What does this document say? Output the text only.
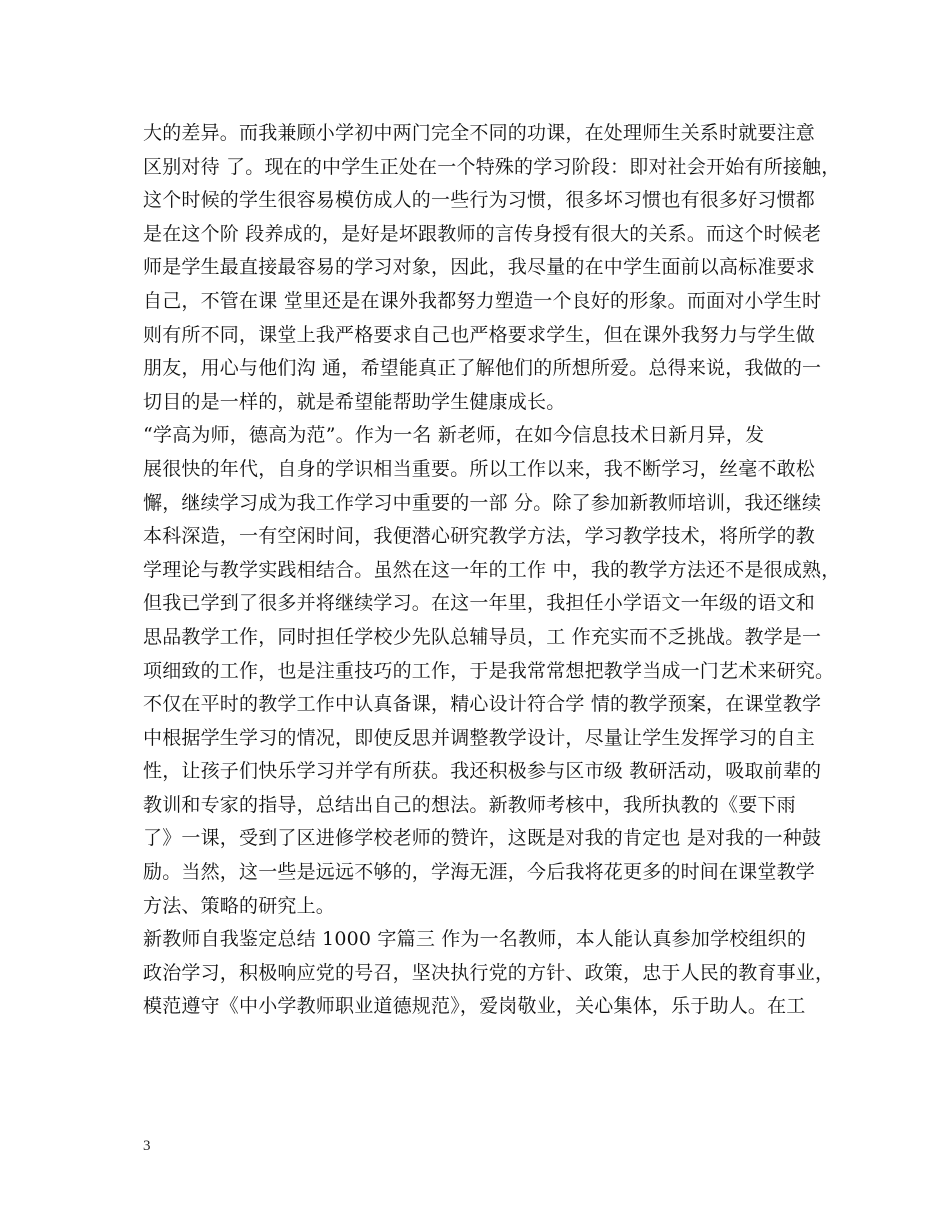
大的差异。而我兼顾小学初中两门完全不同的功课，在处理师生关系时就要注意
区别对待 了。现在的中学生正处在一个特殊的学习阶段：即对社会开始有所接触，
这个时候的学生很容易模仿成人的一些行为习惯，很多坏习惯也有很多好习惯都
是在这个阶 段养成的，是好是坏跟教师的言传身授有很大的关系。而这个时候老
师是学生最直接最容易的学习对象，因此，我尽量的在中学生面前以高标准要求
自己，不管在课 堂里还是在课外我都努力塑造一个良好的形象。而面对小学生时
则有所不同，课堂上我严格要求自己也严格要求学生，但在课外我努力与学生做
朋友，用心与他们沟 通，希望能真正了解他们的所想所爱。总得来说，我做的一
切目的是一样的，就是希望能帮助学生健康成长。
“学高为师，德高为范”。作为一名 新老师，在如今信息技术日新月异，发
展很快的年代，自身的学识相当重要。所以工作以来，我不断学习，丝毫不敢松
懈，继续学习成为我工作学习中重要的一部 分。除了参加新教师培训，我还继续
本科深造，一有空闲时间，我便潜心研究教学方法，学习教学技术，将所学的教
学理论与教学实践相结合。虽然在这一年的工作 中，我的教学方法还不是很成熟，
但我已学到了很多并将继续学习。在这一年里，我担任小学语文一年级的语文和
思品教学工作，同时担任学校少先队总辅导员，工 作充实而不乏挑战。教学是一
项细致的工作，也是注重技巧的工作，于是我常常想把教学当成一门艺术来研究。
不仅在平时的教学工作中认真备课，精心设计符合学 情的教学预案，在课堂教学
中根据学生学习的情况，即使反思并调整教学设计，尽量让学生发挥学习的自主
性，让孩子们快乐学习并学有所获。我还积极参与区市级 教研活动，吸取前辈的
教训和专家的指导，总结出自己的想法。新教师考核中，我所执教的《要下雨
了》一课，受到了区进修学校老师的赞许，这既是对我的肯定也 是对我的一种鼓
励。当然，这一些是远远不够的，学海无涯，今后我将花更多的时间在课堂教学
方法、策略的研究上。
新教师自我鉴定总结 1000 字篇三 作为一名教师，本人能认真参加学校组织的
政治学习，积极响应党的号召，坚决执行党的方针、政策，忠于人民的教育事业，
模范遵守《中小学教师职业道德规范》，爱岗敬业，关心集体，乐于助人。在工
3
